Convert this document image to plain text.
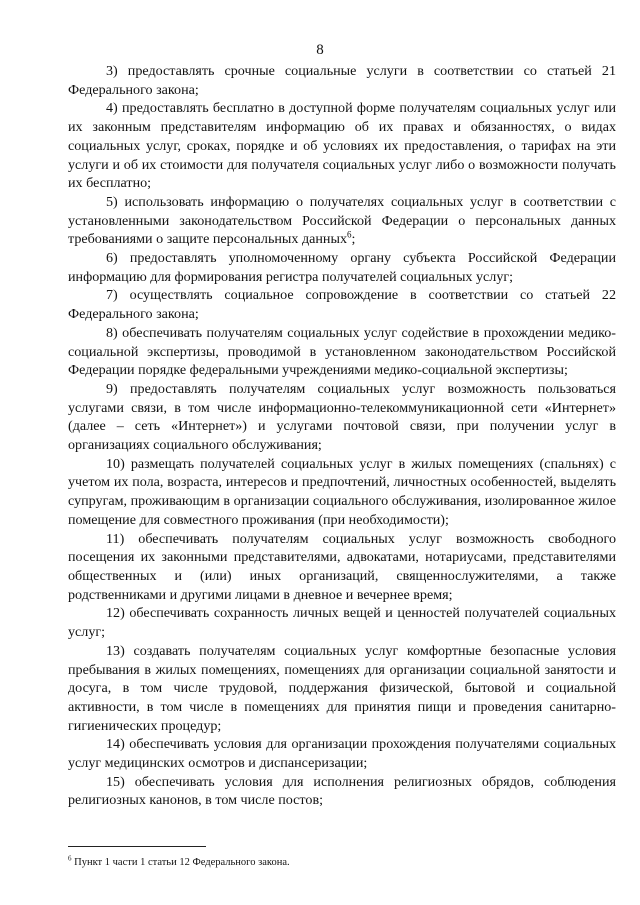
8

3) предоставлять срочные социальные услуги в соответствии со статьей 21 Федерального закона;

4) предоставлять бесплатно в доступной форме получателям социальных услуг или их законным представителям информацию об их правах и обязанностях, о видах социальных услуг, сроках, порядке и об условиях их предоставления, о тарифах на эти услуги и об их стоимости для получателя социальных услуг либо о возможности получать их бесплатно;

5) использовать информацию о получателях социальных услуг в соответствии с установленными законодательством Российской Федерации о персональных данных требованиями о защите персональных данных$^6$;

6) предоставлять уполномоченному органу субъекта Российской Федерации информацию для формирования регистра получателей социальных услуг;

7) осуществлять социальное сопровождение в соответствии со статьей 22 Федерального закона;

8) обеспечивать получателям социальных услуг содействие в прохождении медико-социальной экспертизы, проводимой в установленном законодательством Российской Федерации порядке федеральными учреждениями медико-социальной экспертизы;

9) предоставлять получателям социальных услуг возможность пользоваться услугами связи, в том числе информационно-телекоммуникационной сети «Интернет» (далее – сеть «Интернет») и услугами почтовой связи, при получении услуг в организациях социального обслуживания;

10) размещать получателей социальных услуг в жилых помещениях (спальнях) с учетом их пола, возраста, интересов и предпочтений, личностных особенностей, выделять супругам, проживающим в организации социального обслуживания, изолированное жилое помещение для совместного проживания (при необходимости);

11) обеспечивать получателям социальных услуг возможность свободного посещения их законными представителями, адвокатами, нотариусами, представителями общественных и (или) иных организаций, священнослужителями, а также родственниками и другими лицами в дневное и вечернее время;

12) обеспечивать сохранность личных вещей и ценностей получателей социальных услуг;

13) создавать получателям социальных услуг комфортные безопасные условия пребывания в жилых помещениях, помещениях для организации социальной занятости и досуга, в том числе трудовой, поддержания физической, бытовой и социальной активности, в том числе в помещениях для принятия пищи и проведения санитарно-гигиенических процедур;

14) обеспечивать условия для организации прохождения получателями социальных услуг медицинских осмотров и диспансеризации;

15) обеспечивать условия для исполнения религиозных обрядов, соблюдения религиозных канонов, в том числе постов;

$^6$ Пункт 1 части 1 статьи 12 Федерального закона.
